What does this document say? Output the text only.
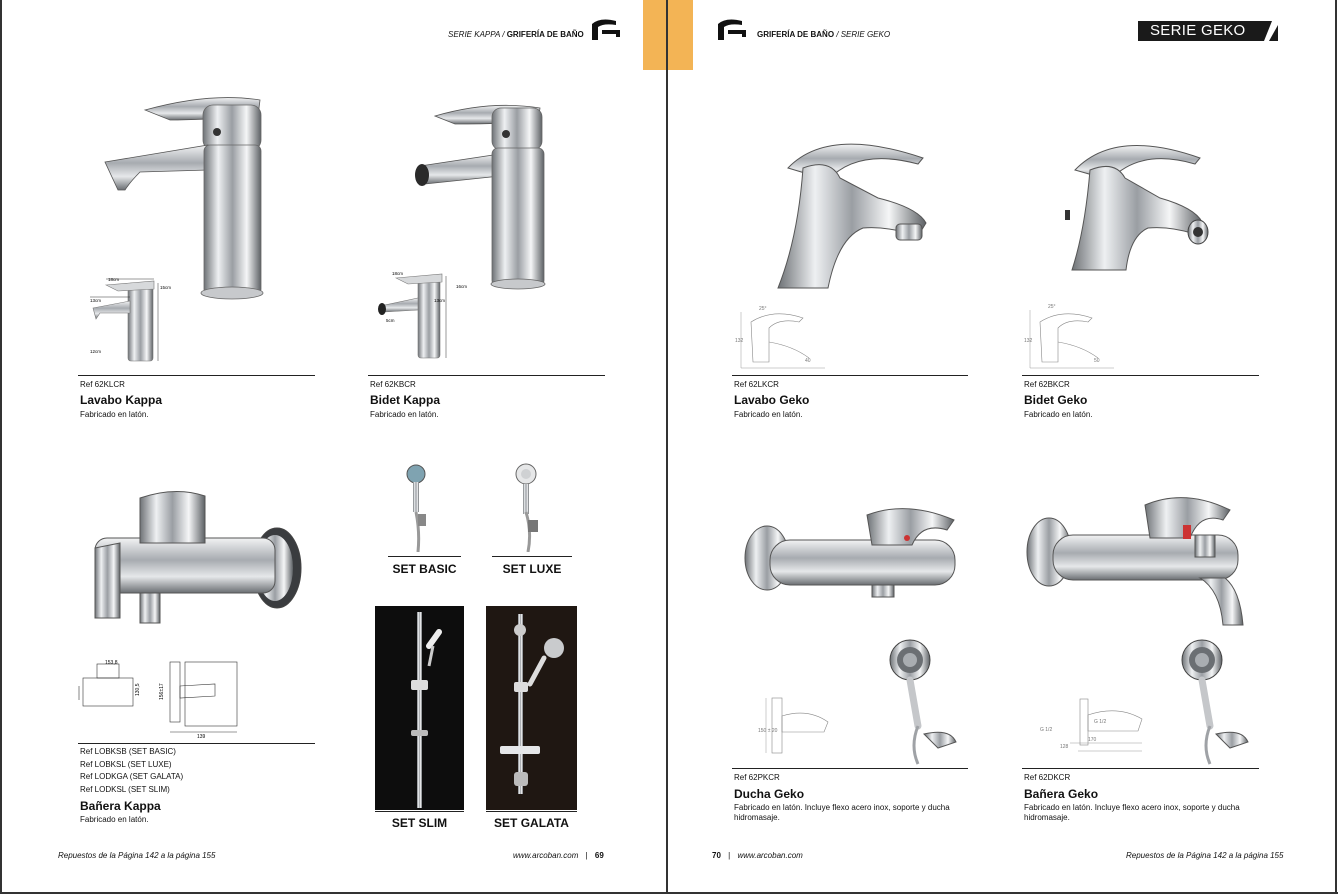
SERIE KAPPA / GRIFERÍA DE BAÑO	GRIFERÍA DE BAÑO / SERIE GEKO	SERIE GEKO
18cm
15cm
13cm
12cm
Ref 62KLCR
Lavabo Kappa
Fabricado en latón.
18cm
16cm
13cm
5cm
Ref 62KBCR
Bidet Kappa
Fabricado en latón.
153,8
130,5	156±17
139
Ref LOBKSB (SET BASIC)
Ref LOBKSL (SET LUXE)
Ref LODKGA (SET GALATA)
Ref LODKSL (SET SLIM)
Bañera Kappa
Fabricado en latón.
SET BASIC	SET LUXE
SET SLIM	SET GALATA
Repuestos de la Página 142 a la página 155	www.arcoban.com | 69
25°
132
40
Ref 62LKCR
Lavabo Geko
Fabricado en latón.
25°
132
50
Ref 62BKCR
Bidet Geko
Fabricado en latón.
150 ± 20
Ref 62PKCR
Ducha Geko
Fabricado en latón. Incluye flexo acero inox, soporte y ducha hidromasaje.
G 1/2
170
128
G 1/2
Ref 62DKCR
Bañera Geko
Fabricado en latón. Incluye flexo acero inox, soporte y ducha hidromasaje.
70 | www.arcoban.com	Repuestos de la Página 142 a la página 155
